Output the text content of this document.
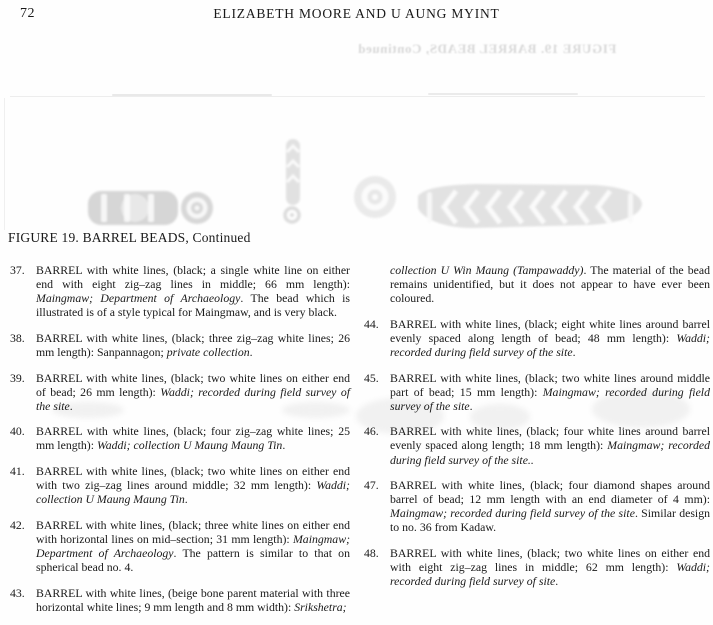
72	ELIZABETH MOORE AND U AUNG MYINT
FIGURE 19. BARREL BEADS, Continued
FIGURE 19. BARREL BEADS, Continued
37. BARREL with white lines, (black; a single white line on either end with eight zig–zag lines in middle; 66 mm length): Maingmaw; Department of Archaeology. The bead which is illustrated is of a style typical for Maingmaw, and is very black.
38. BARREL with white lines, (black; three zig–zag white lines; 26 mm length): Sanpannagon; private collection.
39. BARREL with white lines, (black; two white lines on either end of bead; 26 mm length): Waddi; recorded during field survey of the site.
40. BARREL with white lines, (black; four zig–zag white lines; 25 mm length): Waddi; collection U Maung Maung Tin.
41. BARREL with white lines, (black; two white lines on either end with two zig–zag lines around middle; 32 mm length): Waddi; collection U Maung Maung Tin.
42. BARREL with white lines, (black; three white lines on either end with horizontal lines on mid–section; 31 mm length): Maingmaw; Department of Archaeology. The pattern is similar to that on spherical bead no. 4.
43. BARREL with white lines, (beige bone parent material with three horizontal white lines; 9 mm length and 8 mm width): Srikshetra;
collection U Win Maung (Tampawaddy). The material of the bead remains unidentified, but it does not appear to have ever been coloured.
44. BARREL with white lines, (black; eight white lines around barrel evenly spaced along length of bead; 48 mm length): Waddi; recorded during field survey of the site.
45. BARREL with white lines, (black; two white lines around middle part of bead; 15 mm length): Maingmaw; recorded during field survey of the site.
46. BARREL with white lines, (black; four white lines around barrel evenly spaced along length; 18 mm length): Maingmaw; recorded during field survey of the site..
47. BARREL with white lines, (black; four diamond shapes around barrel of bead; 12 mm length with an end diameter of 4 mm): Maingmaw; recorded during field survey of the site. Similar design to no. 36 from Kadaw.
48. BARREL with white lines, (black; two white lines on either end with eight zig–zag lines in middle; 62 mm length): Waddi; recorded during field survey of site.
